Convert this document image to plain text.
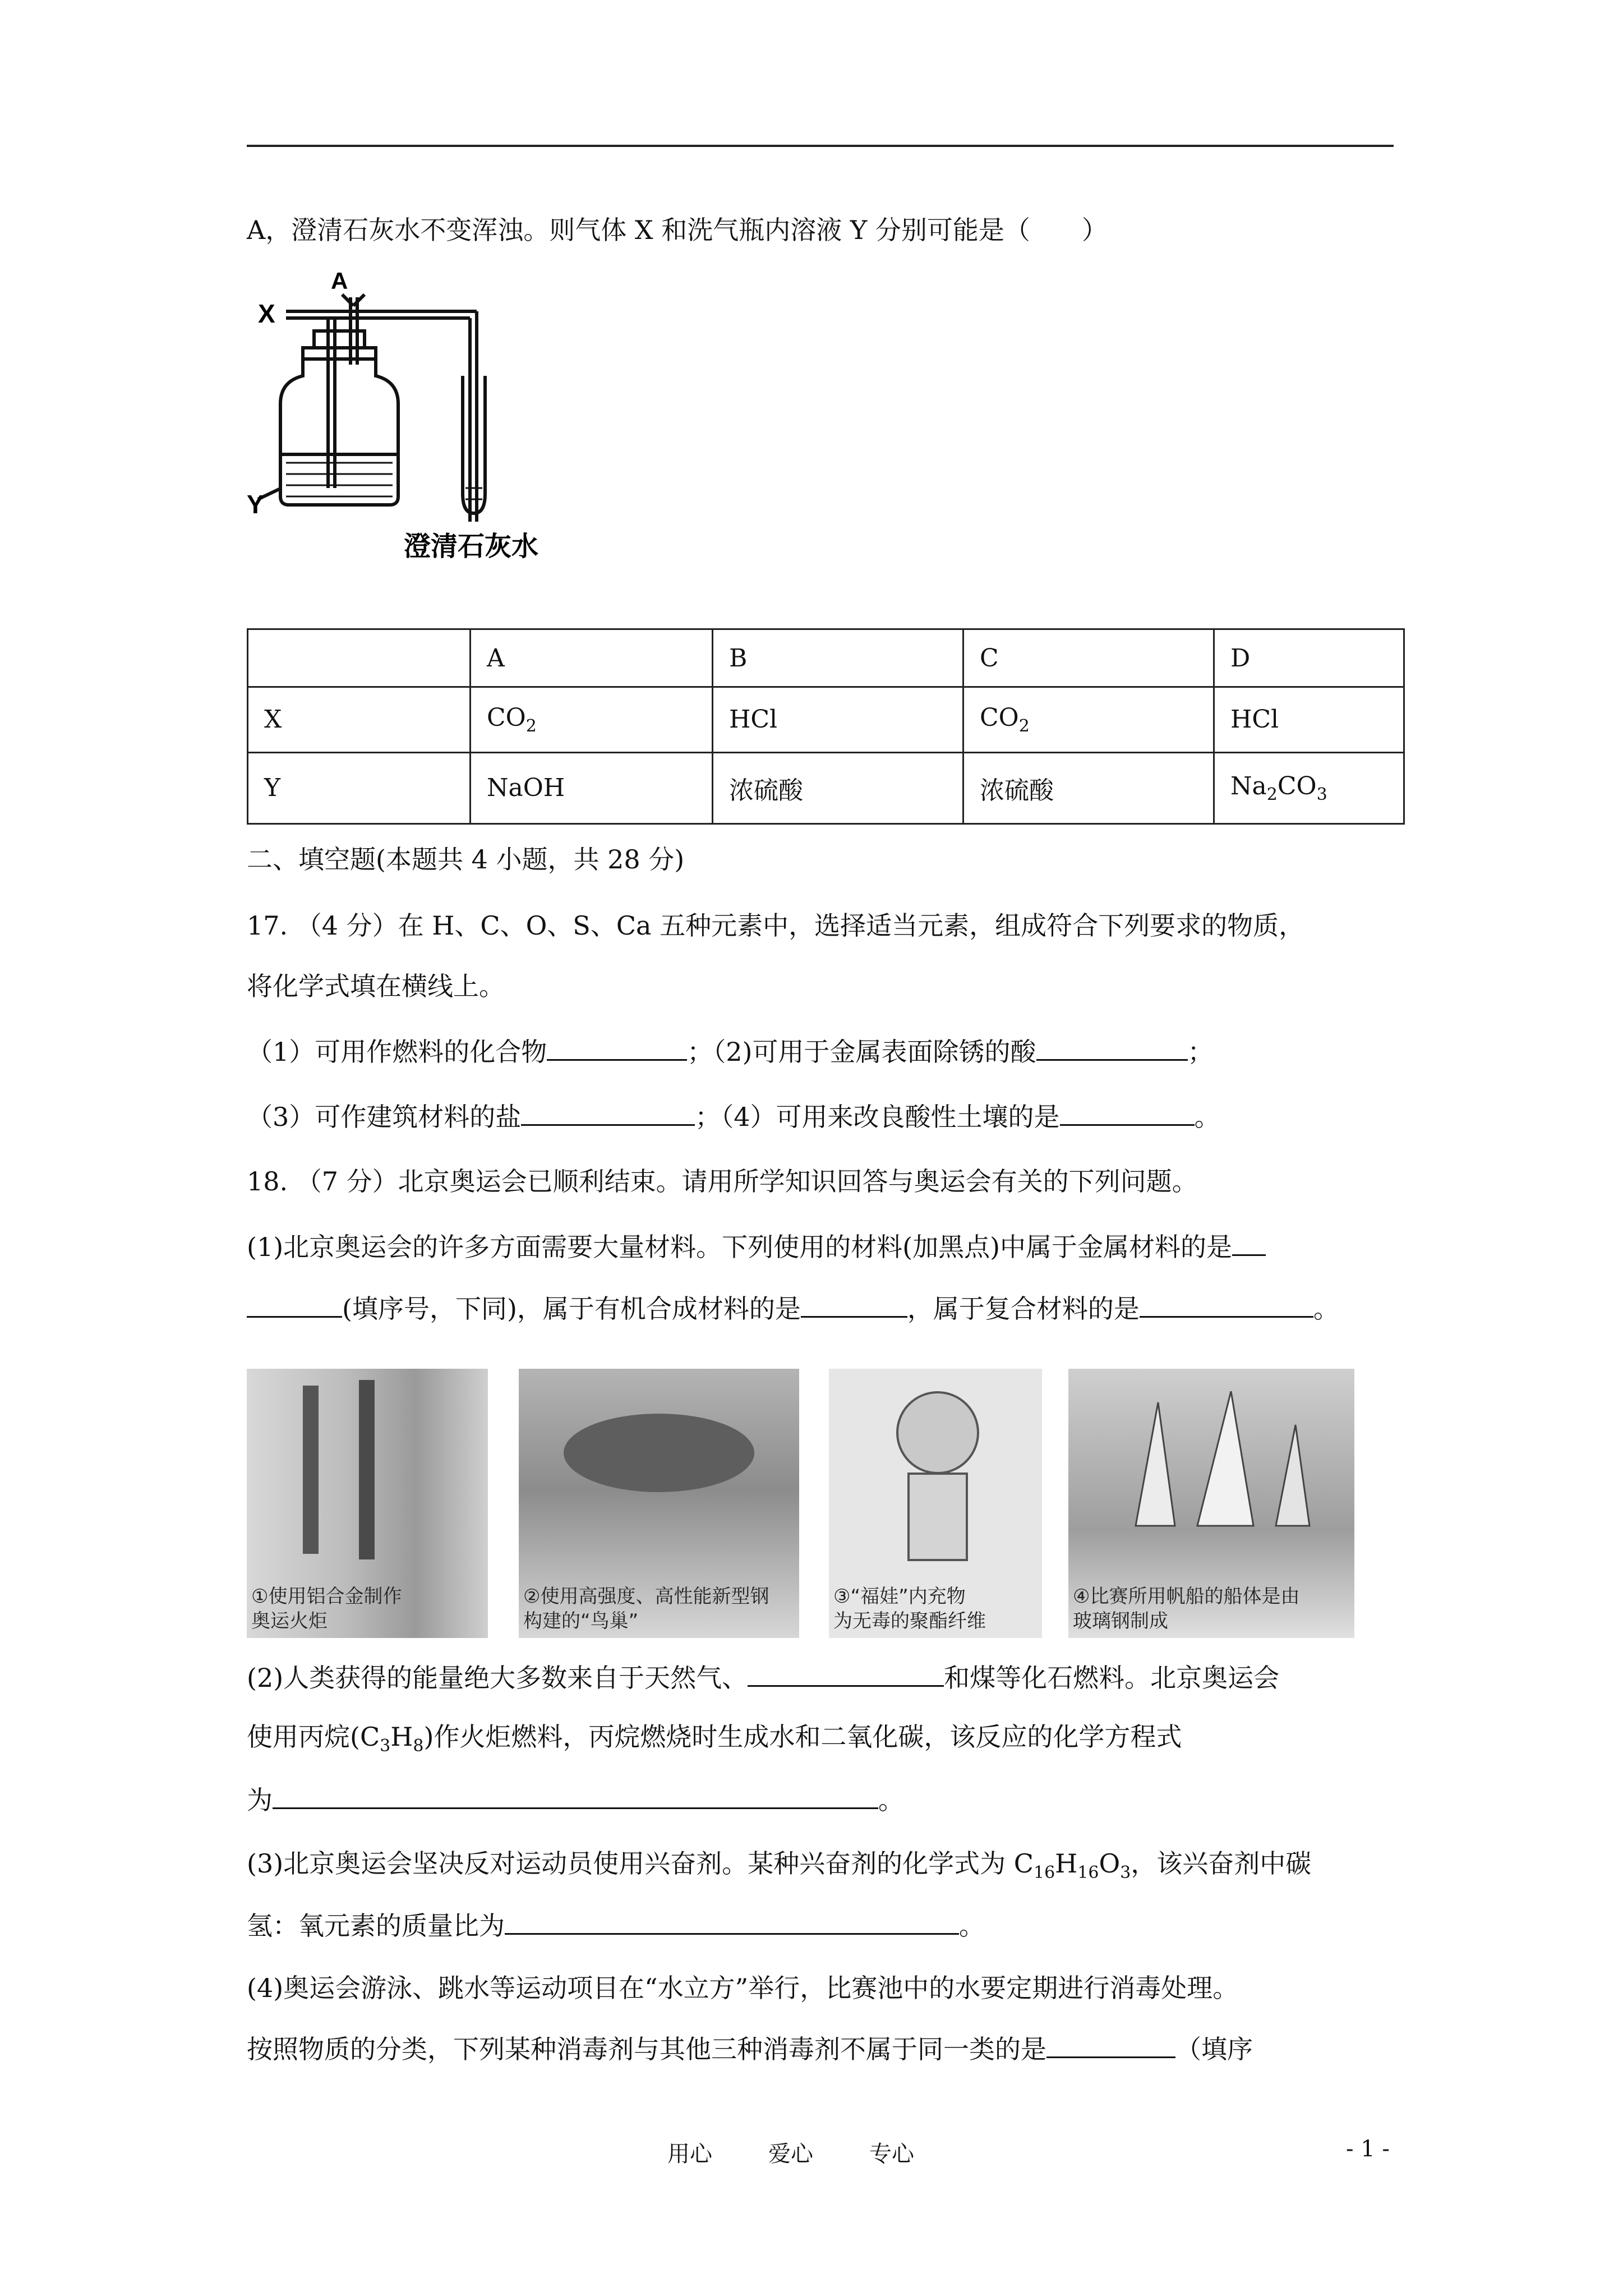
A，澄清石灰水不变浑浊。则气体 X 和洗气瓶内溶液 Y 分别可能是（　　）
X
A
Y
澄清石灰水
	A	B	C	D
X	$CO_2$	HCl	$CO_2$	HCl
Y	NaOH	浓硫酸	浓硫酸	$Na_2CO_3$
二、填空题(本题共 4 小题，共 28 分)
17. （4 分）在 H、C、O、S、Ca 五种元素中，选择适当元素，组成符合下列要求的物质，
将化学式填在横线上。
（1）可用作燃料的化合物	；（2)可用于金属表面除锈的酸	；
（3）可作建筑材料的盐	；（4）可用来改良酸性土壤的是	。
18. （7 分）北京奥运会已顺利结束。请用所学知识回答与奥运会有关的下列问题。
(1)北京奥运会的许多方面需要大量材料。下列使用的材料(加黑点)中属于金属材料的是
(填序号，下同)，属于有机合成材料的是	，属于复合材料的是	。
①使用铝合金制作
奥运火炬
②使用高强度、高性能新型钢
构建的“鸟巢”
③“福娃”内充物
为无毒的聚酯纤维
④比赛所用帆船的船体是由
玻璃钢制成
(2)人类获得的能量绝大多数来自于天然气、	和煤等化石燃料。北京奥运会
使用丙烷$(C_3H_8)$作火炬燃料，丙烷燃烧时生成水和二氧化碳，该反应的化学方程式
为	。
(3)北京奥运会坚决反对运动员使用兴奋剂。某种兴奋剂的化学式为 $C_{16}H_{16}O_3$，该兴奋剂中碳
氢：氧元素的质量比为	。
(4)奥运会游泳、跳水等运动项目在“水立方”举行，比赛池中的水要定期进行消毒处理。
按照物质的分类，下列某种消毒剂与其他三种消毒剂不属于同一类的是	（填序
用心	爱心	专心	- 1 -
